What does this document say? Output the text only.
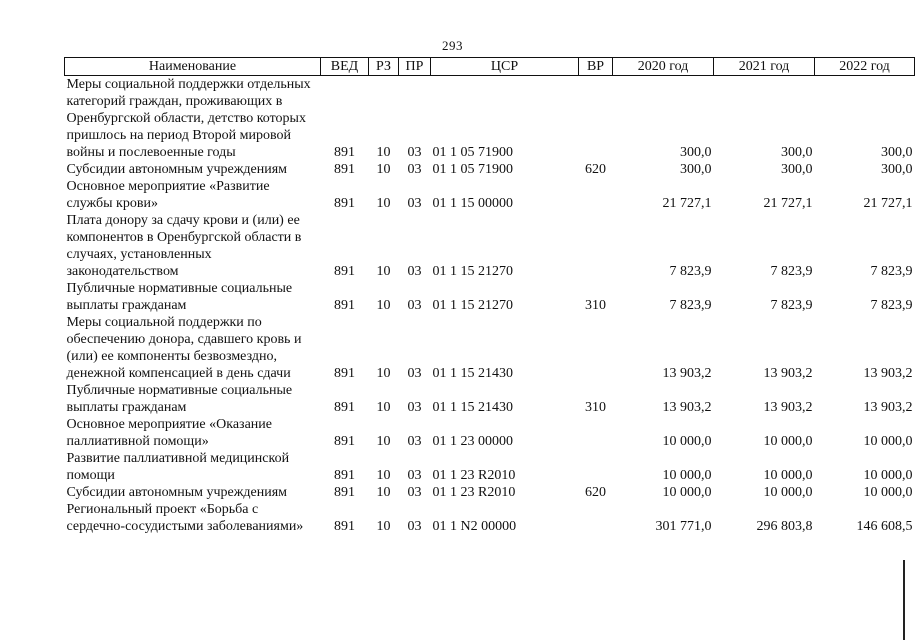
293
Наименование	ВЕД	РЗ	ПР	ЦСР	ВР	2020 год	2021 год	2022 год
Меры социальной поддержки отдельных категорий граждан, проживающих в Оренбургской области, детство которых пришлось на период Второй мировой войны и послевоенные годы	891	10	03	01 1 05 71900		300,0	300,0	300,0
Субсидии автономным учреждениям	891	10	03	01 1 05 71900	620	300,0	300,0	300,0
Основное мероприятие «Развитие службы крови»	891	10	03	01 1 15 00000		21 727,1	21 727,1	21 727,1
Плата донору за сдачу крови и (или) ее компонентов в Оренбургской области в случаях, установленных законодательством	891	10	03	01 1 15 21270		7 823,9	7 823,9	7 823,9
Публичные нормативные социальные выплаты гражданам	891	10	03	01 1 15 21270	310	7 823,9	7 823,9	7 823,9
Меры социальной поддержки по обеспечению донора, сдавшего кровь и (или) ее компоненты безвозмездно, денежной компенсацией в день сдачи	891	10	03	01 1 15 21430		13 903,2	13 903,2	13 903,2
Публичные нормативные социальные выплаты гражданам	891	10	03	01 1 15 21430	310	13 903,2	13 903,2	13 903,2
Основное мероприятие «Оказание паллиативной помощи»	891	10	03	01 1 23 00000		10 000,0	10 000,0	10 000,0
Развитие паллиативной медицинской помощи	891	10	03	01 1 23 R2010		10 000,0	10 000,0	10 000,0
Субсидии автономным учреждениям	891	10	03	01 1 23 R2010	620	10 000,0	10 000,0	10 000,0
Региональный проект «Борьба с сердечно-сосудистыми заболеваниями»	891	10	03	01 1 N2 00000		301 771,0	296 803,8	146 608,5
